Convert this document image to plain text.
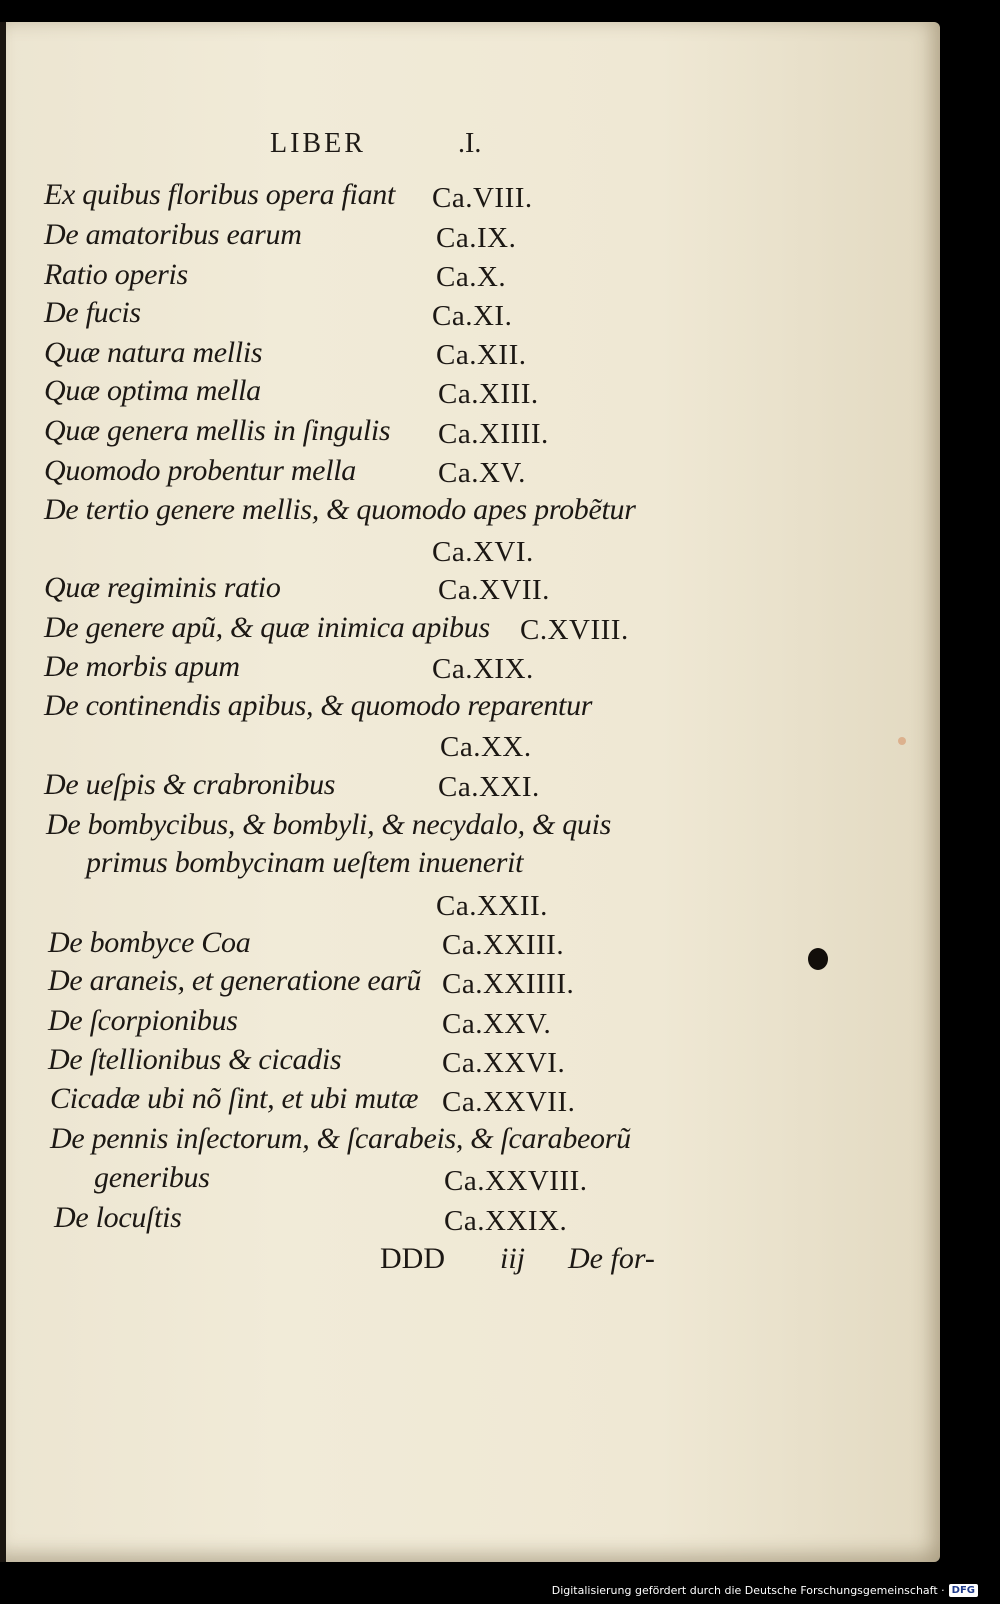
LIBER	.I.
Ex quibus floribus opera fiant Ca.VIII.
De amatoribus earum	Ca.IX.
Ratio operis	Ca.X.
De fucis	Ca.XI.
Quæ natura mellis	Ca.XII.
Quæ optima mella	Ca.XIII.
Quæ genera mellis in ſingulis Ca.XIIII.
Quomodo probentur mella	Ca.XV.
De tertio genere mellis, & quomodo apes probẽtur
Ca.XVI.
Quæ regiminis ratio	Ca.XVII.
De genere apũ, & quæ inimica apibus C.XVIII.
De morbis apum	Ca.XIX.
De continendis apibus, & quomodo reparentur
Ca.XX.
De ueſpis & crabronibus	Ca.XXI.
De bombycibus, & bombyli, & necydalo, & quis
primus bombycinam ueſtem inuenerit
Ca.XXII.
De bombyce Coa	Ca.XXIII.
De araneis, et generatione earũ Ca.XXIIII.
De ſcorpionibus	Ca.XXV.
De ſtellionibus & cicadis	Ca.XXVI.
Cicadæ ubi nõ ſint, et ubi mutæ Ca.XXVII.
De pennis inſectorum, & ſcarabeis, & ſcarabeorũ
generibus	Ca.XXVIII.
De locuſtis	Ca.XXIX.
DDD iij De for-
Digitalisierung gefördert durch die Deutsche Forschungsgemeinschaft · DFG
